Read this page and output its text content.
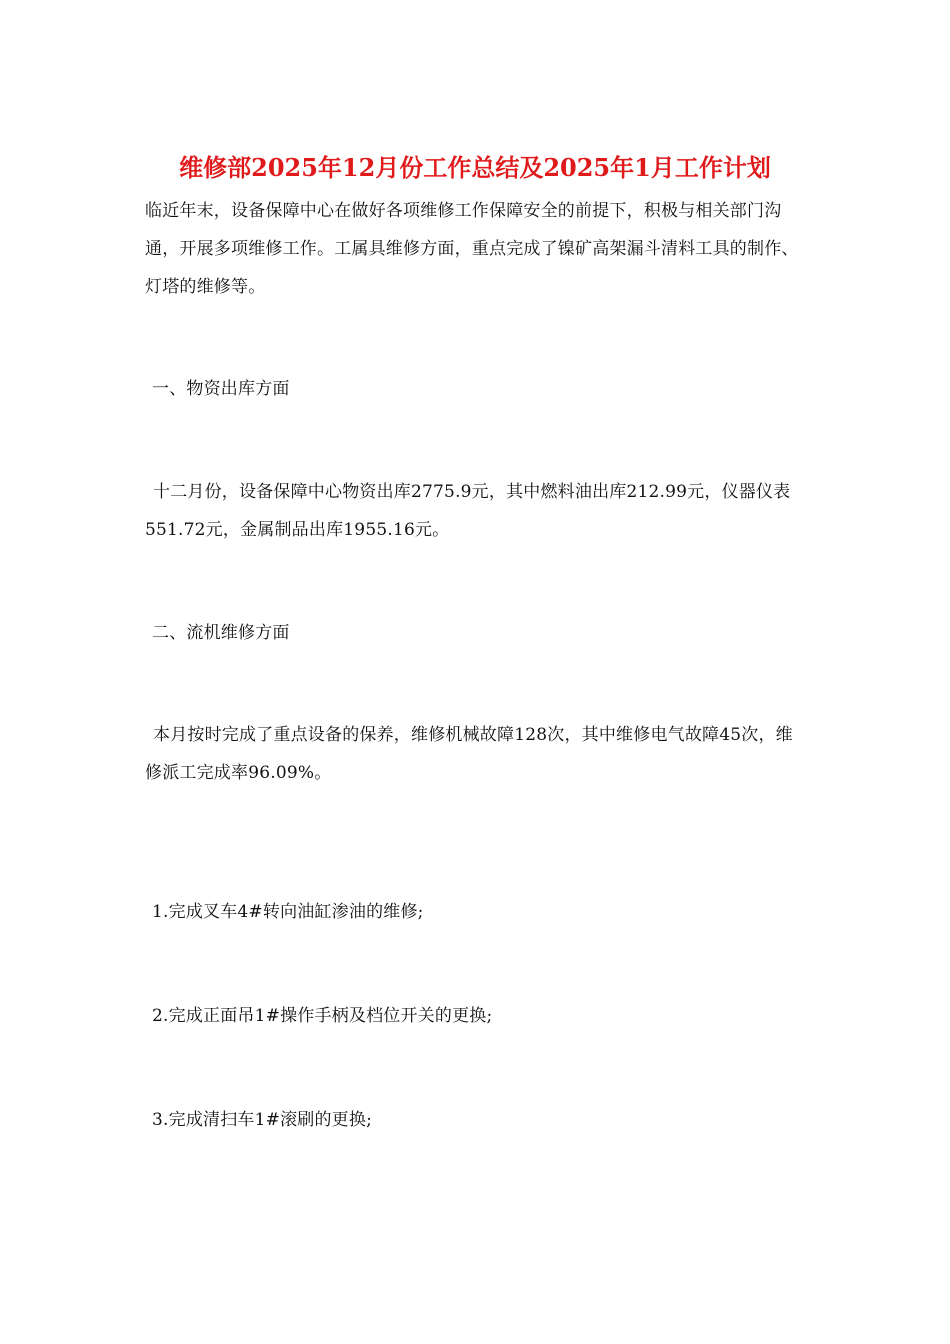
维修部2025年12月份工作总结及2025年1月工作计划
临近年末，设备保障中心在做好各项维修工作保障安全的前提下，积极与相关部门沟通，开展多项维修工作。工属具维修方面，重点完成了镍矿高架漏斗清料工具的制作、灯塔的维修等。
一、物资出库方面
十二月份，设备保障中心物资出库2775.9元，其中燃料油出库212.99元，仪器仪表551.72元，金属制品出库1955.16元。
二、流机维修方面
本月按时完成了重点设备的保养，维修机械故障128次，其中维修电气故障45次，维修派工完成率96.09%。
1.完成叉车4#转向油缸渗油的维修;
2.完成正面吊1#操作手柄及档位开关的更换;
3.完成清扫车1#滚刷的更换;
